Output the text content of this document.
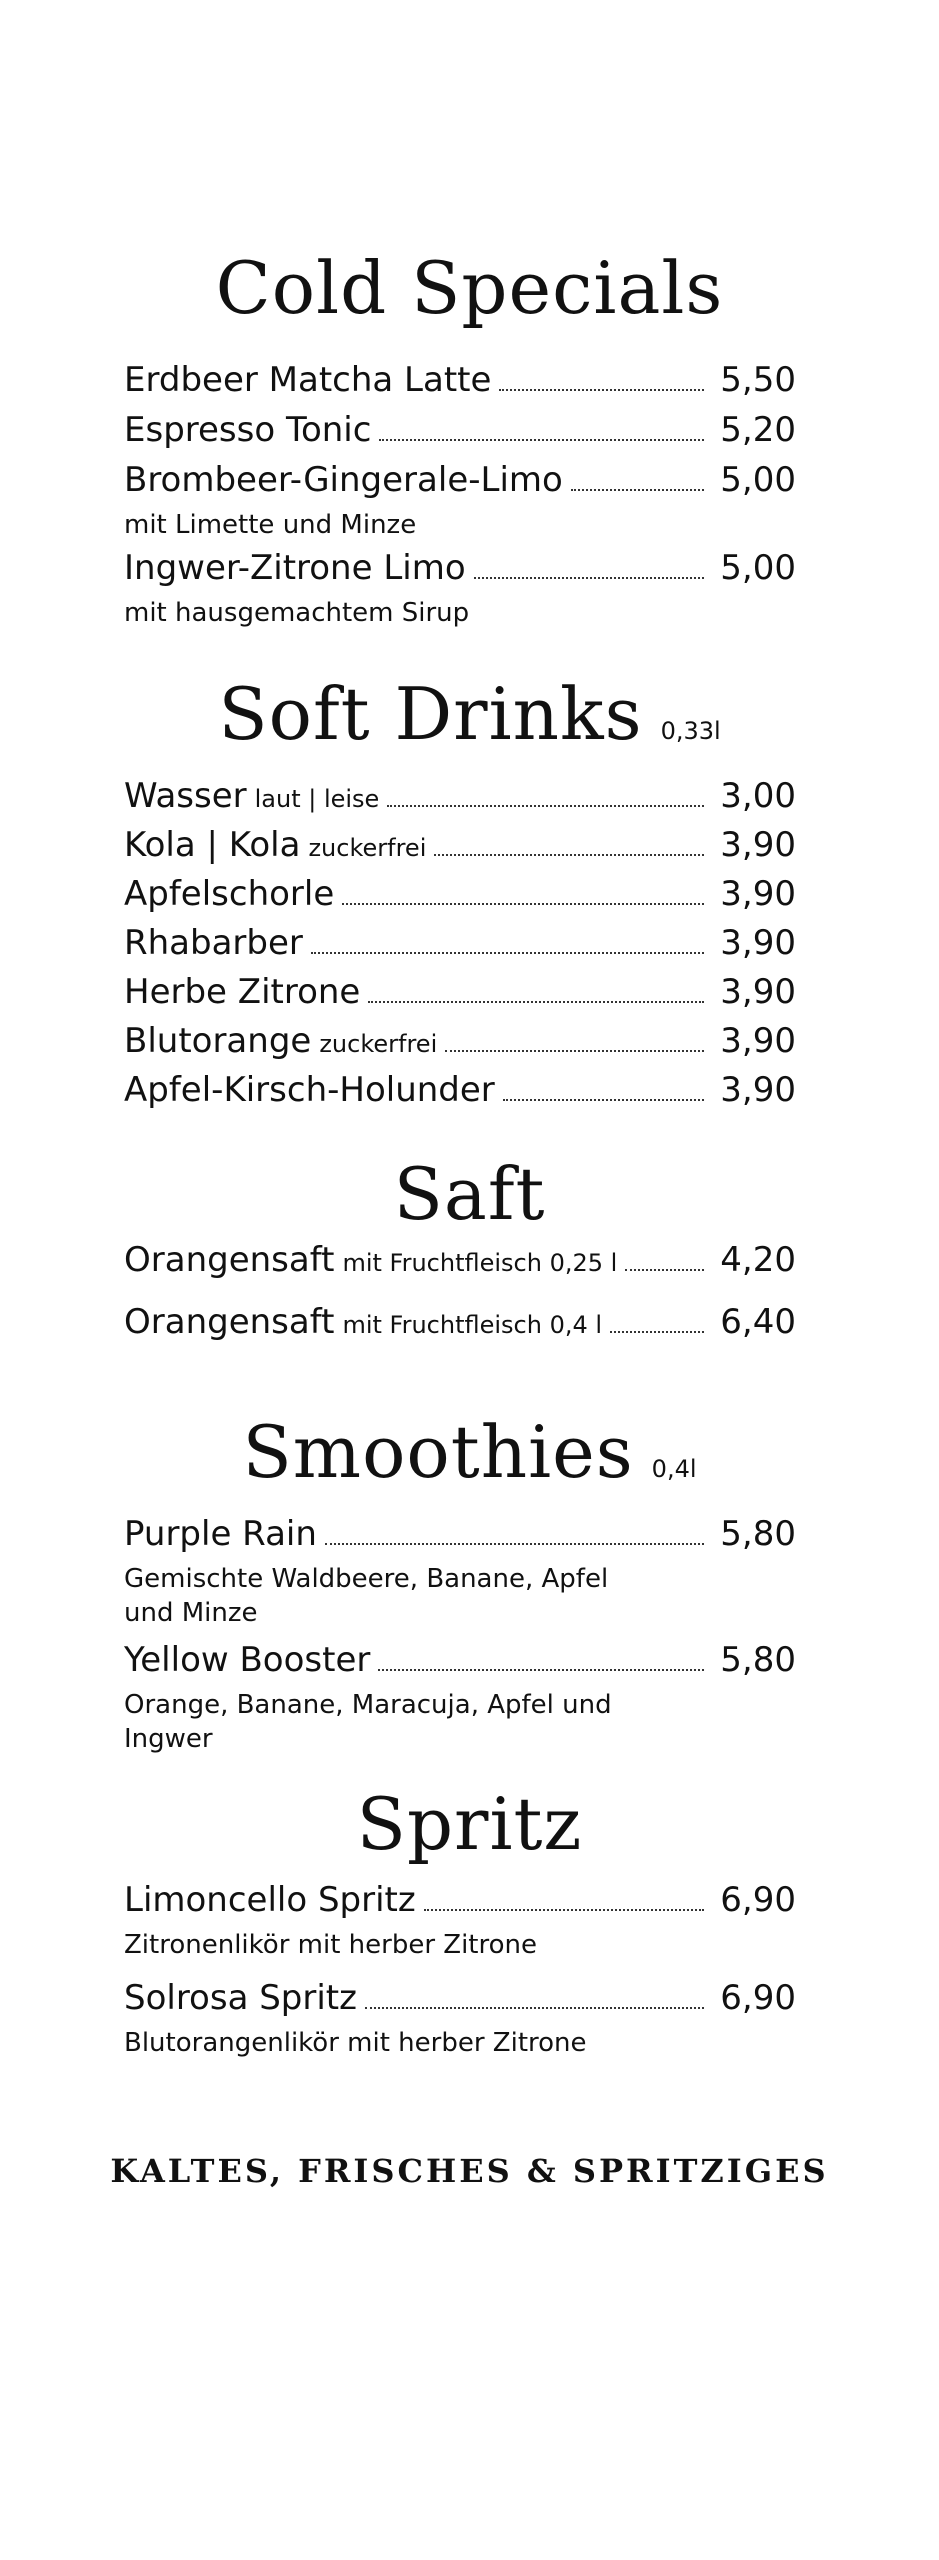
Cold Specials
Erdbeer Matcha Latte	5,50
Espresso Tonic	5,20
Brombeer-Gingerale-Limo	5,00
mit Limette und Minze
Ingwer-Zitrone Limo	5,00
mit hausgemachtem Sirup
Soft Drinks 0,33l
Wasser laut | leise	3,00
Kola | Kola zuckerfrei	3,90
Apfelschorle	3,90
Rhabarber	3,90
Herbe Zitrone	3,90
Blutorange zuckerfrei	3,90
Apfel-Kirsch-Holunder	3,90
Saft
Orangensaft mit Fruchtfleisch 0,25 l	4,20
Orangensaft mit Fruchtfleisch 0,4 l	6,40
Smoothies 0,4l
Purple Rain	5,80
Gemischte Waldbeere, Banane, Apfel und Minze
Yellow Booster	5,80
Orange, Banane, Maracuja, Apfel und Ingwer
Spritz
Limoncello Spritz	6,90
Zitronenlikör mit herber Zitrone
Solrosa Spritz	6,90
Blutorangenlikör mit herber Zitrone
KALTES, FRISCHES & SPRITZIGES
